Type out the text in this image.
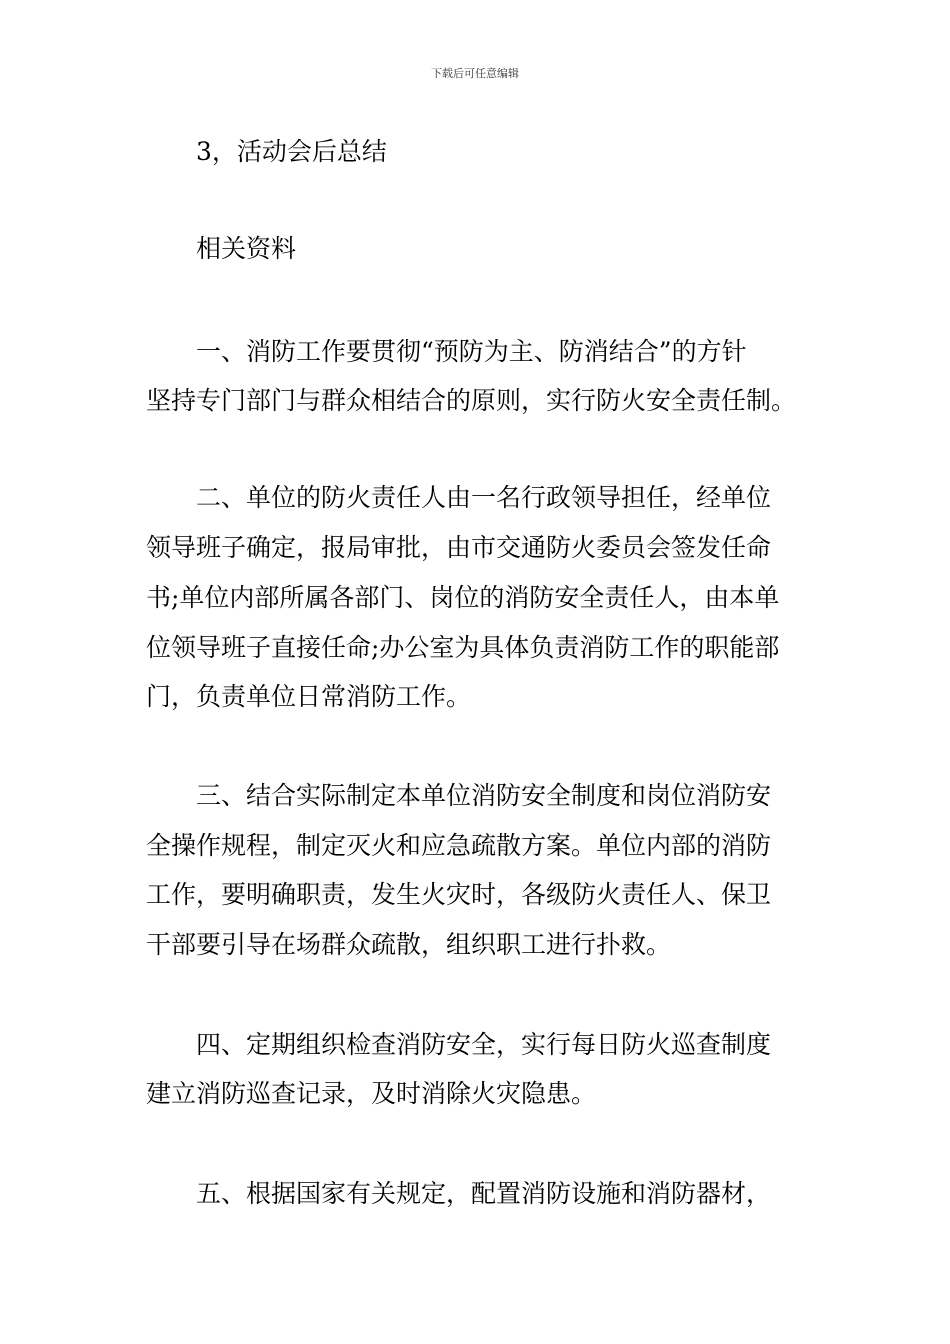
下载后可任意编辑
3，活动会后总结
相关资料
一、消防工作要贯彻“预防为主、防消结合”的方针
坚持专门部门与群众相结合的原则，实行防火安全责任制。
二、单位的防火责任人由一名行政领导担任，经单位
领导班子确定，报局审批，由市交通防火委员会签发任命
书;单位内部所属各部门、岗位的消防安全责任人，由本单
位领导班子直接任命;办公室为具体负责消防工作的职能部
门，负责单位日常消防工作。
三、结合实际制定本单位消防安全制度和岗位消防安
全操作规程，制定灭火和应急疏散方案。单位内部的消防
工作，要明确职责，发生火灾时，各级防火责任人、保卫
干部要引导在场群众疏散，组织职工进行扑救。
四、定期组织检查消防安全，实行每日防火巡查制度
建立消防巡查记录，及时消除火灾隐患。
五、根据国家有关规定，配置消防设施和消防器材，
